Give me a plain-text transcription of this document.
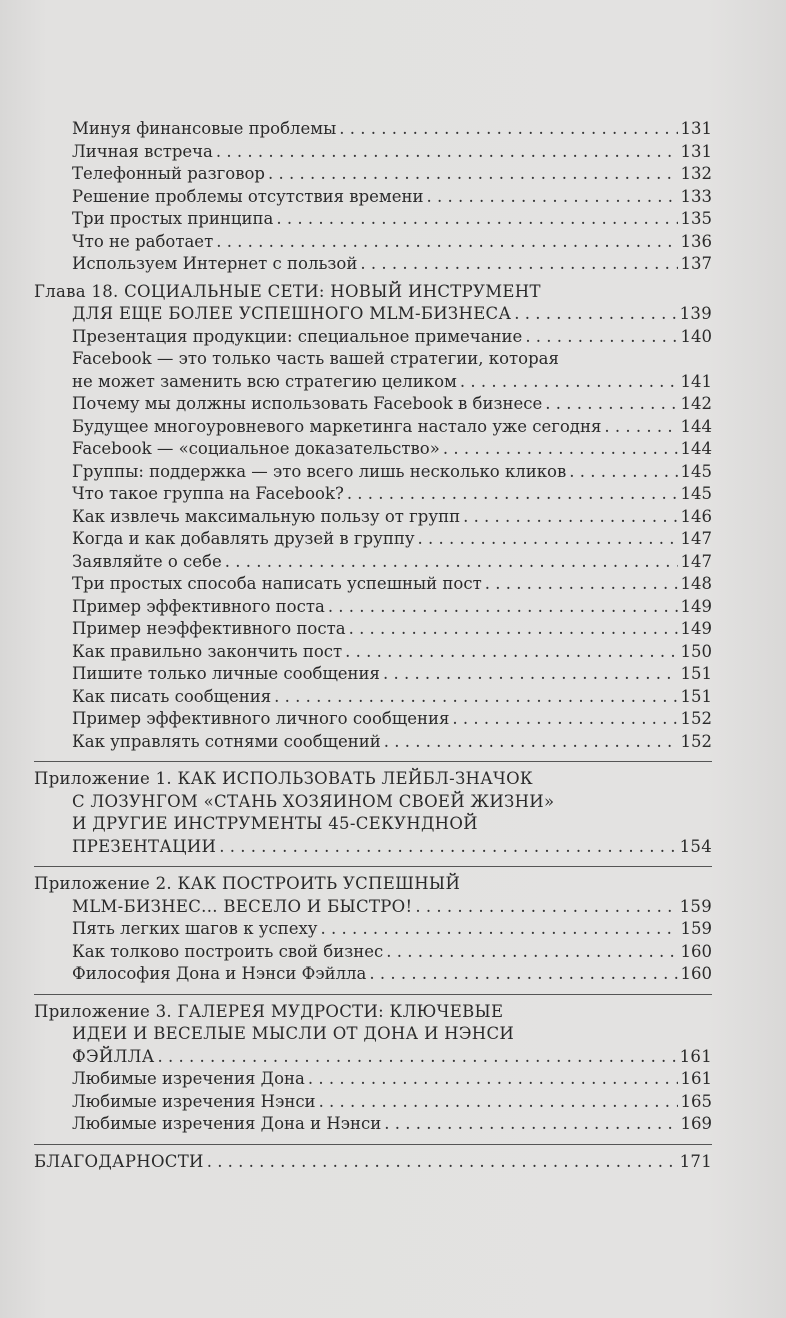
Минуя финансовые проблемы . . .	131
Личная встреча . . .	131
Телефонный разговор . . .	132
Решение проблемы отсутствия времени . . .	133
Три простых принципа . . .	135
Что не работает . . .	136
Используем Интернет с пользой . . .	137
Глава 18. СОЦИАЛЬНЫЕ СЕТИ: НОВЫЙ ИНСТРУМЕНТ
ДЛЯ ЕЩЕ БОЛЕЕ УСПЕШНОГО MLM-БИЗНЕСА . . .	139
Презентация продукции: специальное примечание . . .	140
Facebook — это только часть вашей стратегии, которая
не может заменить всю стратегию целиком . . .	141
Почему мы должны использовать Facebook в бизнесе . . .	142
Будущее многоуровневого маркетинга настало уже сегодня . . .	144
Facebook — «социальное доказательство» . . .	144
Группы: поддержка — это всего лишь несколько кликов . . .	145
Что такое группа на Facebook? . . .	145
Как извлечь максимальную пользу от групп . . .	146
Когда и как добавлять друзей в группу . . .	147
Заявляйте о себе . . .	147
Три простых способа написать успешный пост . . .	148
Пример эффективного поста . . .	149
Пример неэффективного поста . . .	149
Как правильно закончить пост . . .	150
Пишите только личные сообщения . . .	151
Как писать сообщения . . .	151
Пример эффективного личного сообщения . . .	152
Как управлять сотнями сообщений . . .	152
Приложение 1. КАК ИСПОЛЬЗОВАТЬ ЛЕЙБЛ-ЗНАЧОК
С ЛОЗУНГОМ «СТАНЬ ХОЗЯИНОМ СВОЕЙ ЖИЗНИ»
И ДРУГИЕ ИНСТРУМЕНТЫ 45-СЕКУНДНОЙ
ПРЕЗЕНТАЦИИ . . .	154
Приложение 2. КАК ПОСТРОИТЬ УСПЕШНЫЙ
MLM-БИЗНЕС... ВЕСЕЛО И БЫСТРО! . . .	159
Пять легких шагов к успеху . . .	159
Как толково построить свой бизнес . . .	160
Философия Дона и Нэнси Фэйлла . . .	160
Приложение 3. ГАЛЕРЕЯ МУДРОСТИ: КЛЮЧЕВЫЕ
ИДЕИ И ВЕСЕЛЫЕ МЫСЛИ ОТ ДОНА И НЭНСИ
ФЭЙЛЛА . . .	161
Любимые изречения Дона . . .	161
Любимые изречения Нэнси . . .	165
Любимые изречения Дона и Нэнси . . .	169
БЛАГОДАРНОСТИ . . .	171
